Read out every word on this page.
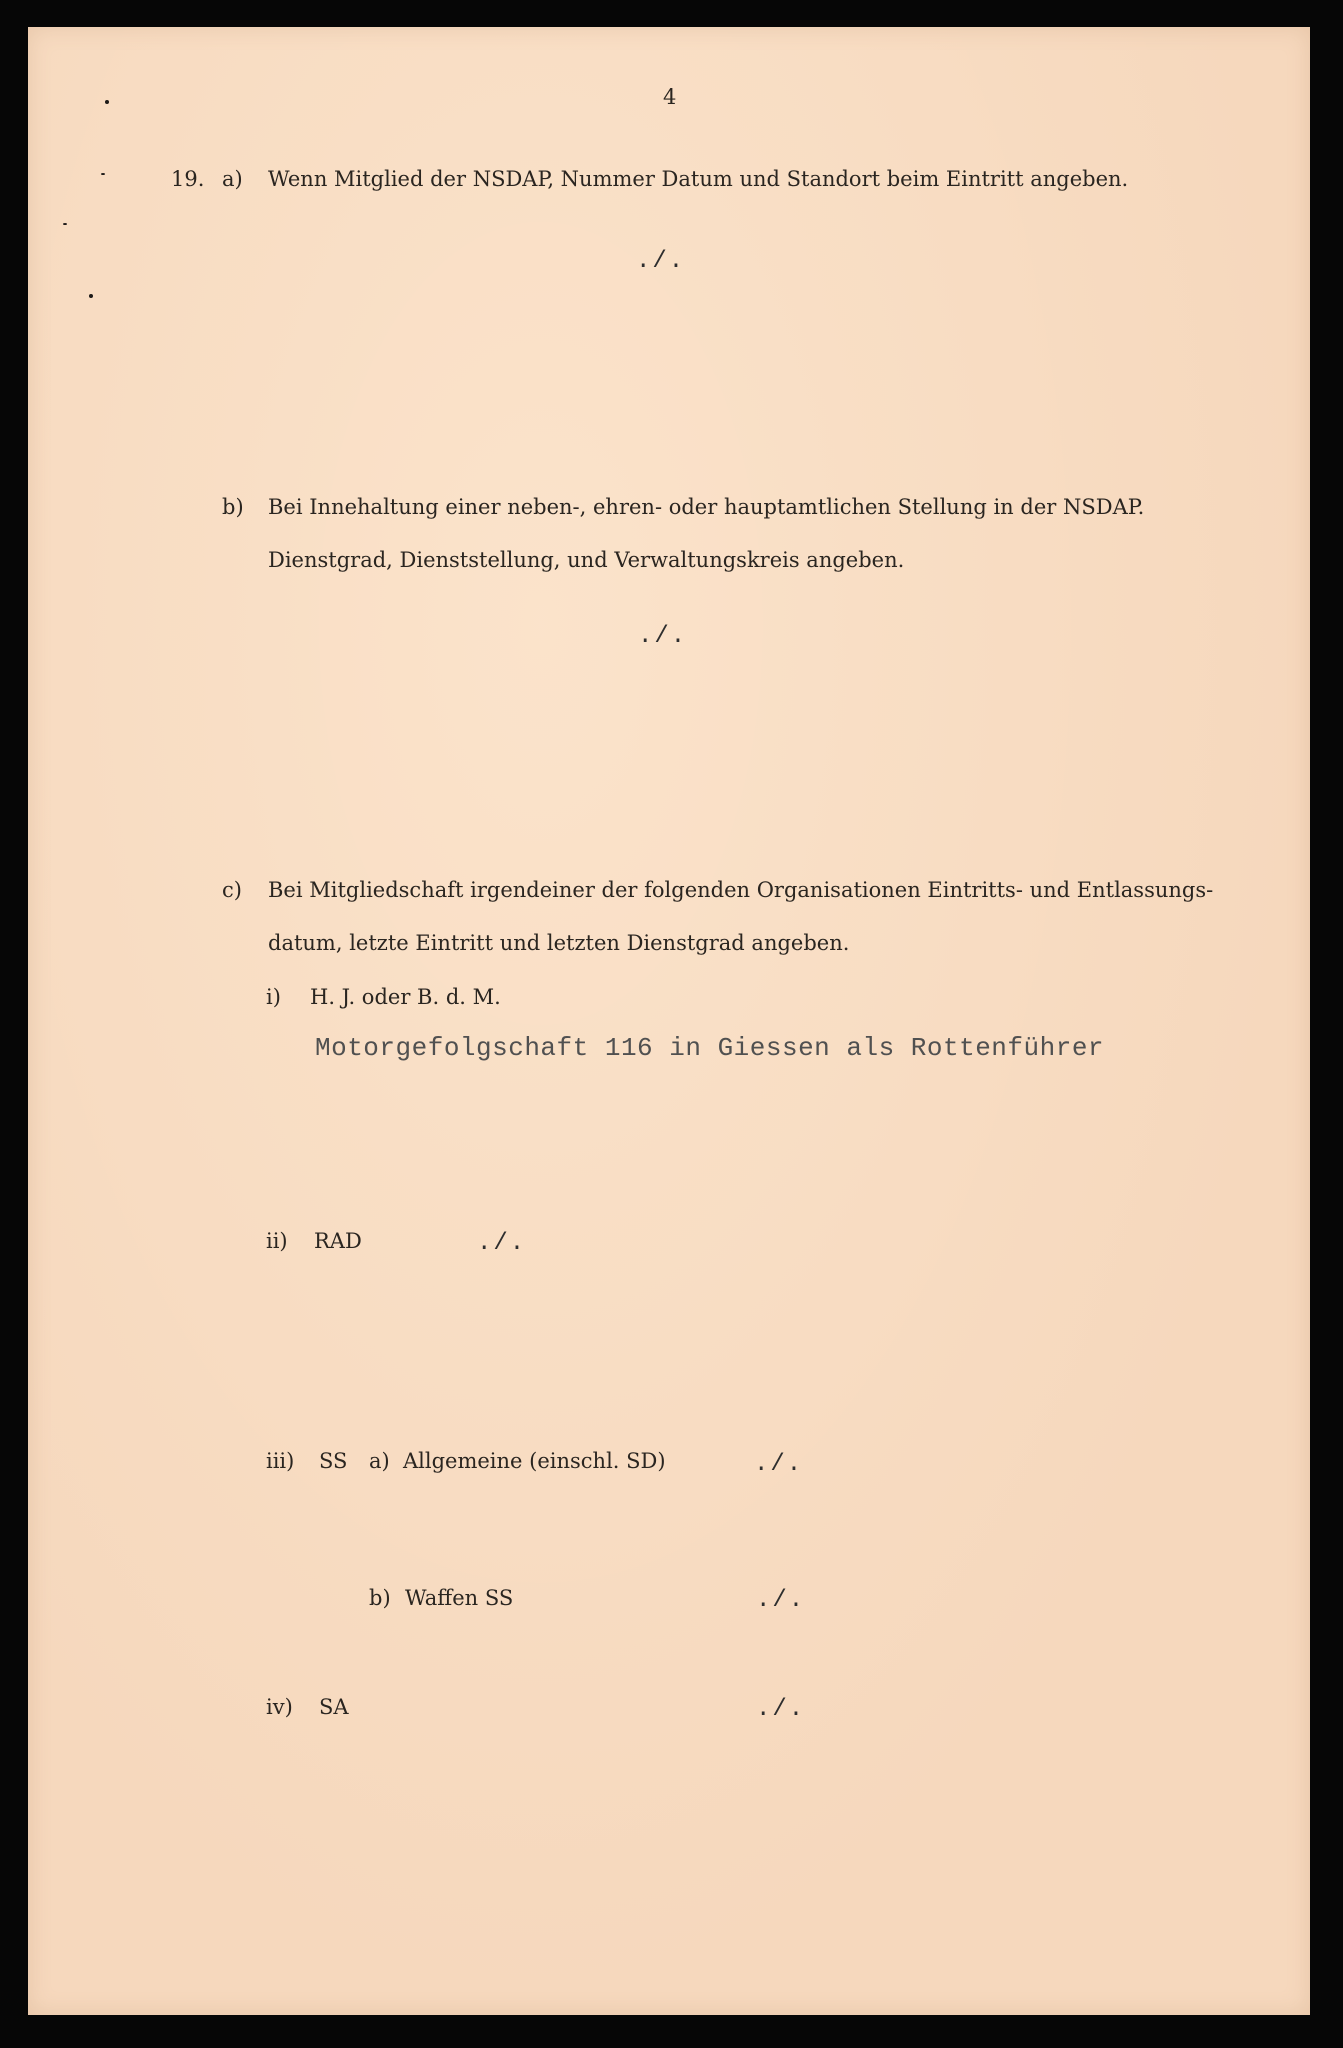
4
19. a) Wenn Mitglied der NSDAP, Nummer Datum und Standort beim Eintritt angeben.
./.
b) Bei Innehaltung einer neben-, ehren- oder hauptamtlichen Stellung in der NSDAP.
Dienstgrad, Dienststellung, und Verwaltungskreis angeben.
./.
c) Bei Mitgliedschaft irgendeiner der folgenden Organisationen Eintritts- und Entlassungs-
datum, letzte Eintritt und letzten Dienstgrad angeben.
i) H. J. oder B. d. M.
Motorgefolgschaft 116 in Giessen als Rottenführer
ii) RAD	./.
iii) SS a) Allgemeine (einschl. SD)	./.
b) Waffen SS	./.
iv) SA	./.
